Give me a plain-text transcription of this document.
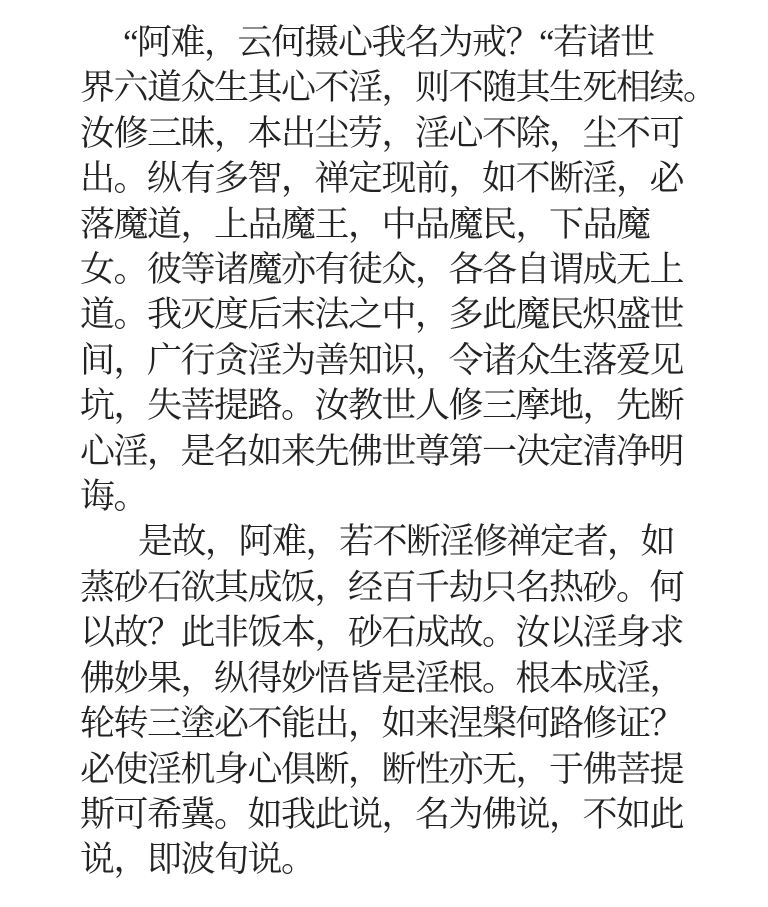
“阿难，云何摄心我名为戒？“若诸世
界六道众生其心不淫，则不随其生死相续。
汝修三昧，本出尘劳，淫心不除，尘不可
出。纵有多智，禅定现前，如不断淫，必
落魔道，上品魔王，中品魔民，下品魔
女。彼等诸魔亦有徒众，各各自谓成无上
道。我灭度后末法之中，多此魔民炽盛世
间，广行贪淫为善知识，令诸众生落爱见
坑，失菩提路。汝教世人修三摩地，先断
心淫，是名如来先佛世尊第一决定清净明
诲。
是故，阿难，若不断淫修禅定者，如
蒸砂石欲其成饭，经百千劫只名热砂。何
以故？此非饭本，砂石成故。汝以淫身求
佛妙果，纵得妙悟皆是淫根。根本成淫，
轮转三塗必不能出，如来涅槃何路修证？
必使淫机身心俱断，断性亦无，于佛菩提
斯可希冀。如我此说，名为佛说，不如此
说，即波旬说。
